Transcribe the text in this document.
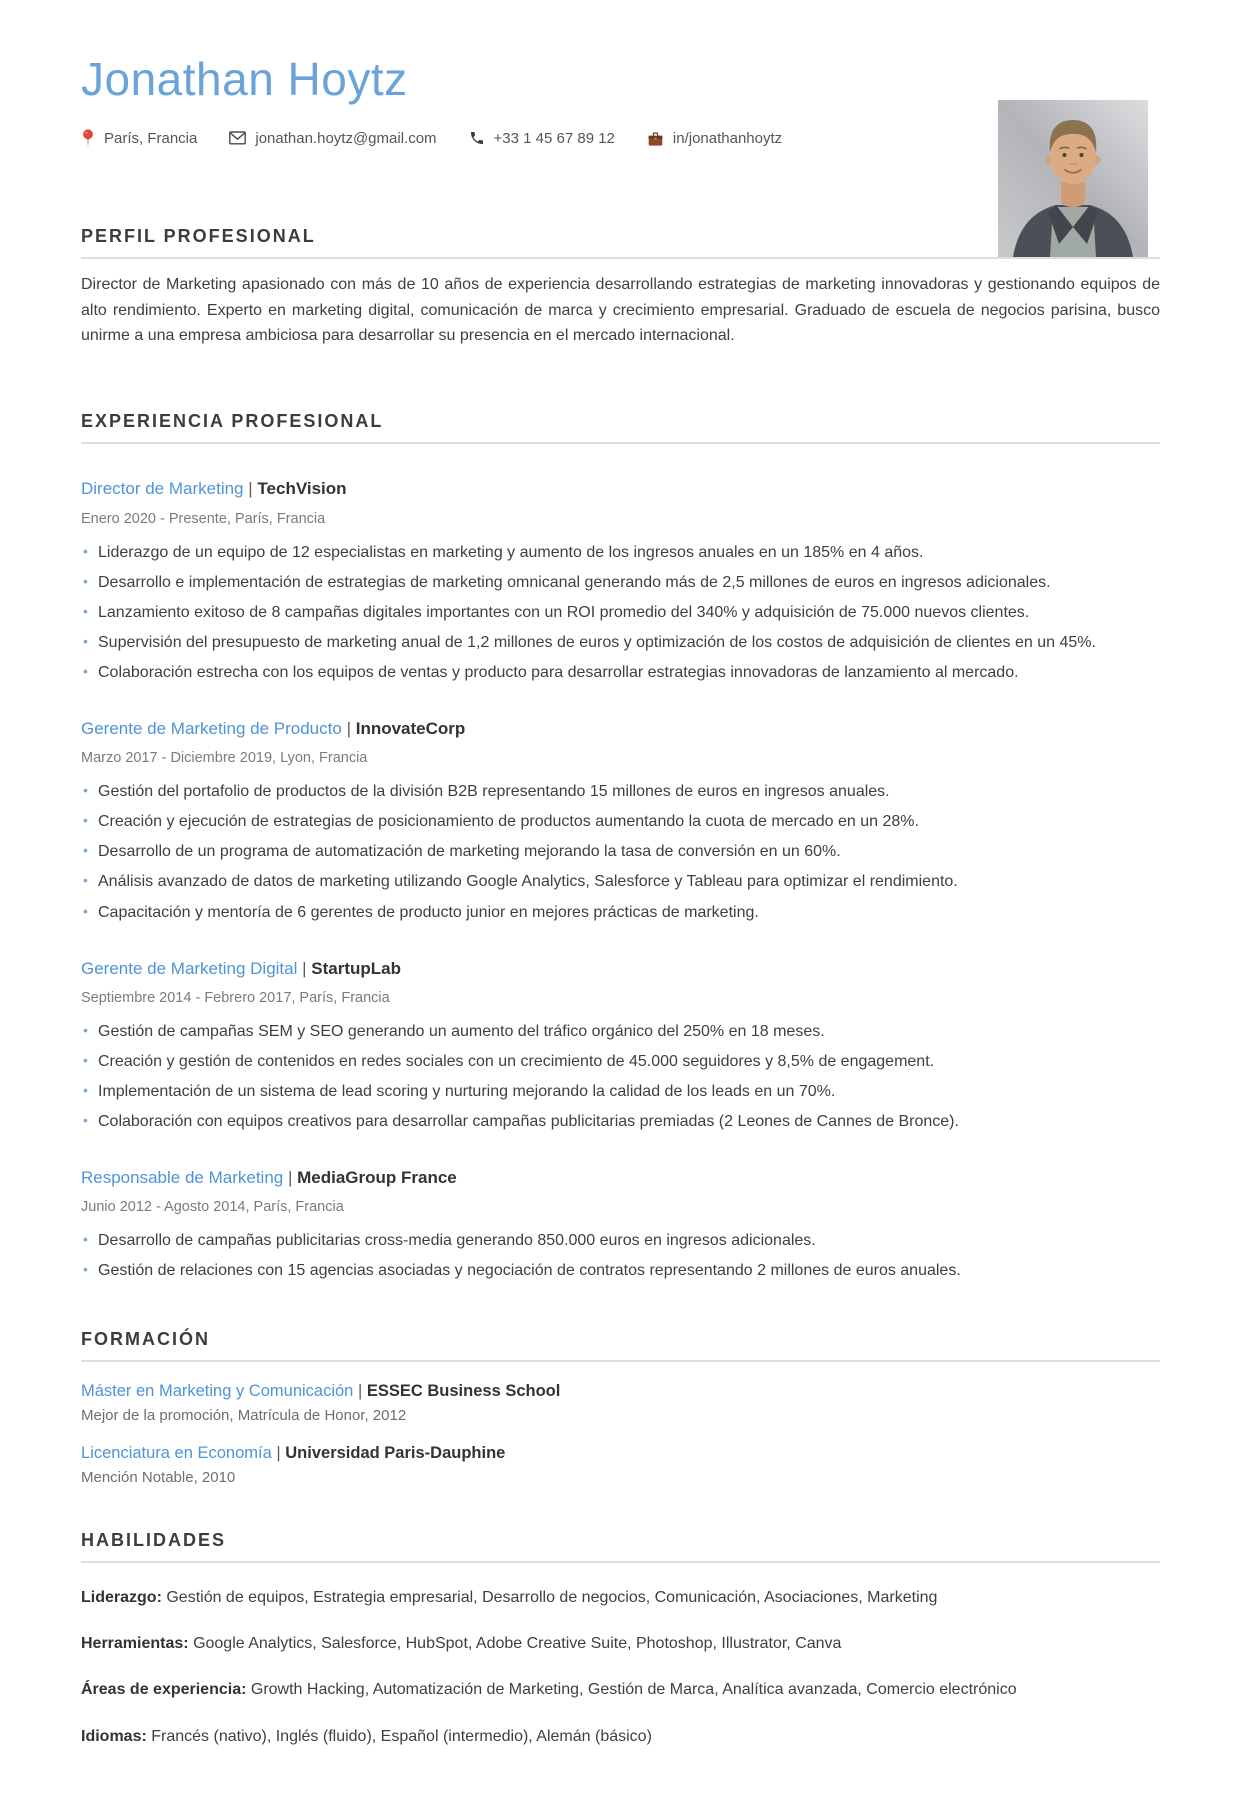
Jonathan Hoytz
París, Francia	jonathan.hoytz@gmail.com	+33 1 45 67 89 12	in/jonathanhoytz
PERFIL PROFESIONAL

Director de Marketing apasionado con más de 10 años de experiencia desarrollando estrategias de marketing innovadoras y gestionando equipos de alto rendimiento. Experto en marketing digital, comunicación de marca y crecimiento empresarial. Graduado de escuela de negocios parisina, busco unirme a una empresa ambiciosa para desarrollar su presencia en el mercado internacional.

EXPERIENCIA PROFESIONAL
Director de Marketing | TechVision
Enero 2020 - Presente, París, Francia
• Liderazgo de un equipo de 12 especialistas en marketing y aumento de los ingresos anuales en un 185% en 4 años.
• Desarrollo e implementación de estrategias de marketing omnicanal generando más de 2,5 millones de euros en ingresos adicionales.
• Lanzamiento exitoso de 8 campañas digitales importantes con un ROI promedio del 340% y adquisición de 75.000 nuevos clientes.
• Supervisión del presupuesto de marketing anual de 1,2 millones de euros y optimización de los costos de adquisición de clientes en un 45%.
• Colaboración estrecha con los equipos de ventas y producto para desarrollar estrategias innovadoras de lanzamiento al mercado.
Gerente de Marketing de Producto | InnovateCorp
Marzo 2017 - Diciembre 2019, Lyon, Francia
• Gestión del portafolio de productos de la división B2B representando 15 millones de euros en ingresos anuales.
• Creación y ejecución de estrategias de posicionamiento de productos aumentando la cuota de mercado en un 28%.
• Desarrollo de un programa de automatización de marketing mejorando la tasa de conversión en un 60%.
• Análisis avanzado de datos de marketing utilizando Google Analytics, Salesforce y Tableau para optimizar el rendimiento.
• Capacitación y mentoría de 6 gerentes de producto junior en mejores prácticas de marketing.
Gerente de Marketing Digital | StartupLab
Septiembre 2014 - Febrero 2017, París, Francia
• Gestión de campañas SEM y SEO generando un aumento del tráfico orgánico del 250% en 18 meses.
• Creación y gestión de contenidos en redes sociales con un crecimiento de 45.000 seguidores y 8,5% de engagement.
• Implementación de un sistema de lead scoring y nurturing mejorando la calidad de los leads en un 70%.
• Colaboración con equipos creativos para desarrollar campañas publicitarias premiadas (2 Leones de Cannes de Bronce).
Responsable de Marketing | MediaGroup France
Junio 2012 - Agosto 2014, París, Francia
• Desarrollo de campañas publicitarias cross-media generando 850.000 euros en ingresos adicionales.
• Gestión de relaciones con 15 agencias asociadas y negociación de contratos representando 2 millones de euros anuales.
FORMACIÓN
Máster en Marketing y Comunicación | ESSEC Business School
Mejor de la promoción, Matrícula de Honor, 2012
Licenciatura en Economía | Universidad Paris-Dauphine
Mención Notable, 2010
HABILIDADES
Liderazgo: Gestión de equipos, Estrategia empresarial, Desarrollo de negocios, Comunicación, Asociaciones, Marketing
Herramientas: Google Analytics, Salesforce, HubSpot, Adobe Creative Suite, Photoshop, Illustrator, Canva
Áreas de experiencia: Growth Hacking, Automatización de Marketing, Gestión de Marca, Analítica avanzada, Comercio electrónico
Idiomas: Francés (nativo), Inglés (fluido), Español (intermedio), Alemán (básico)
